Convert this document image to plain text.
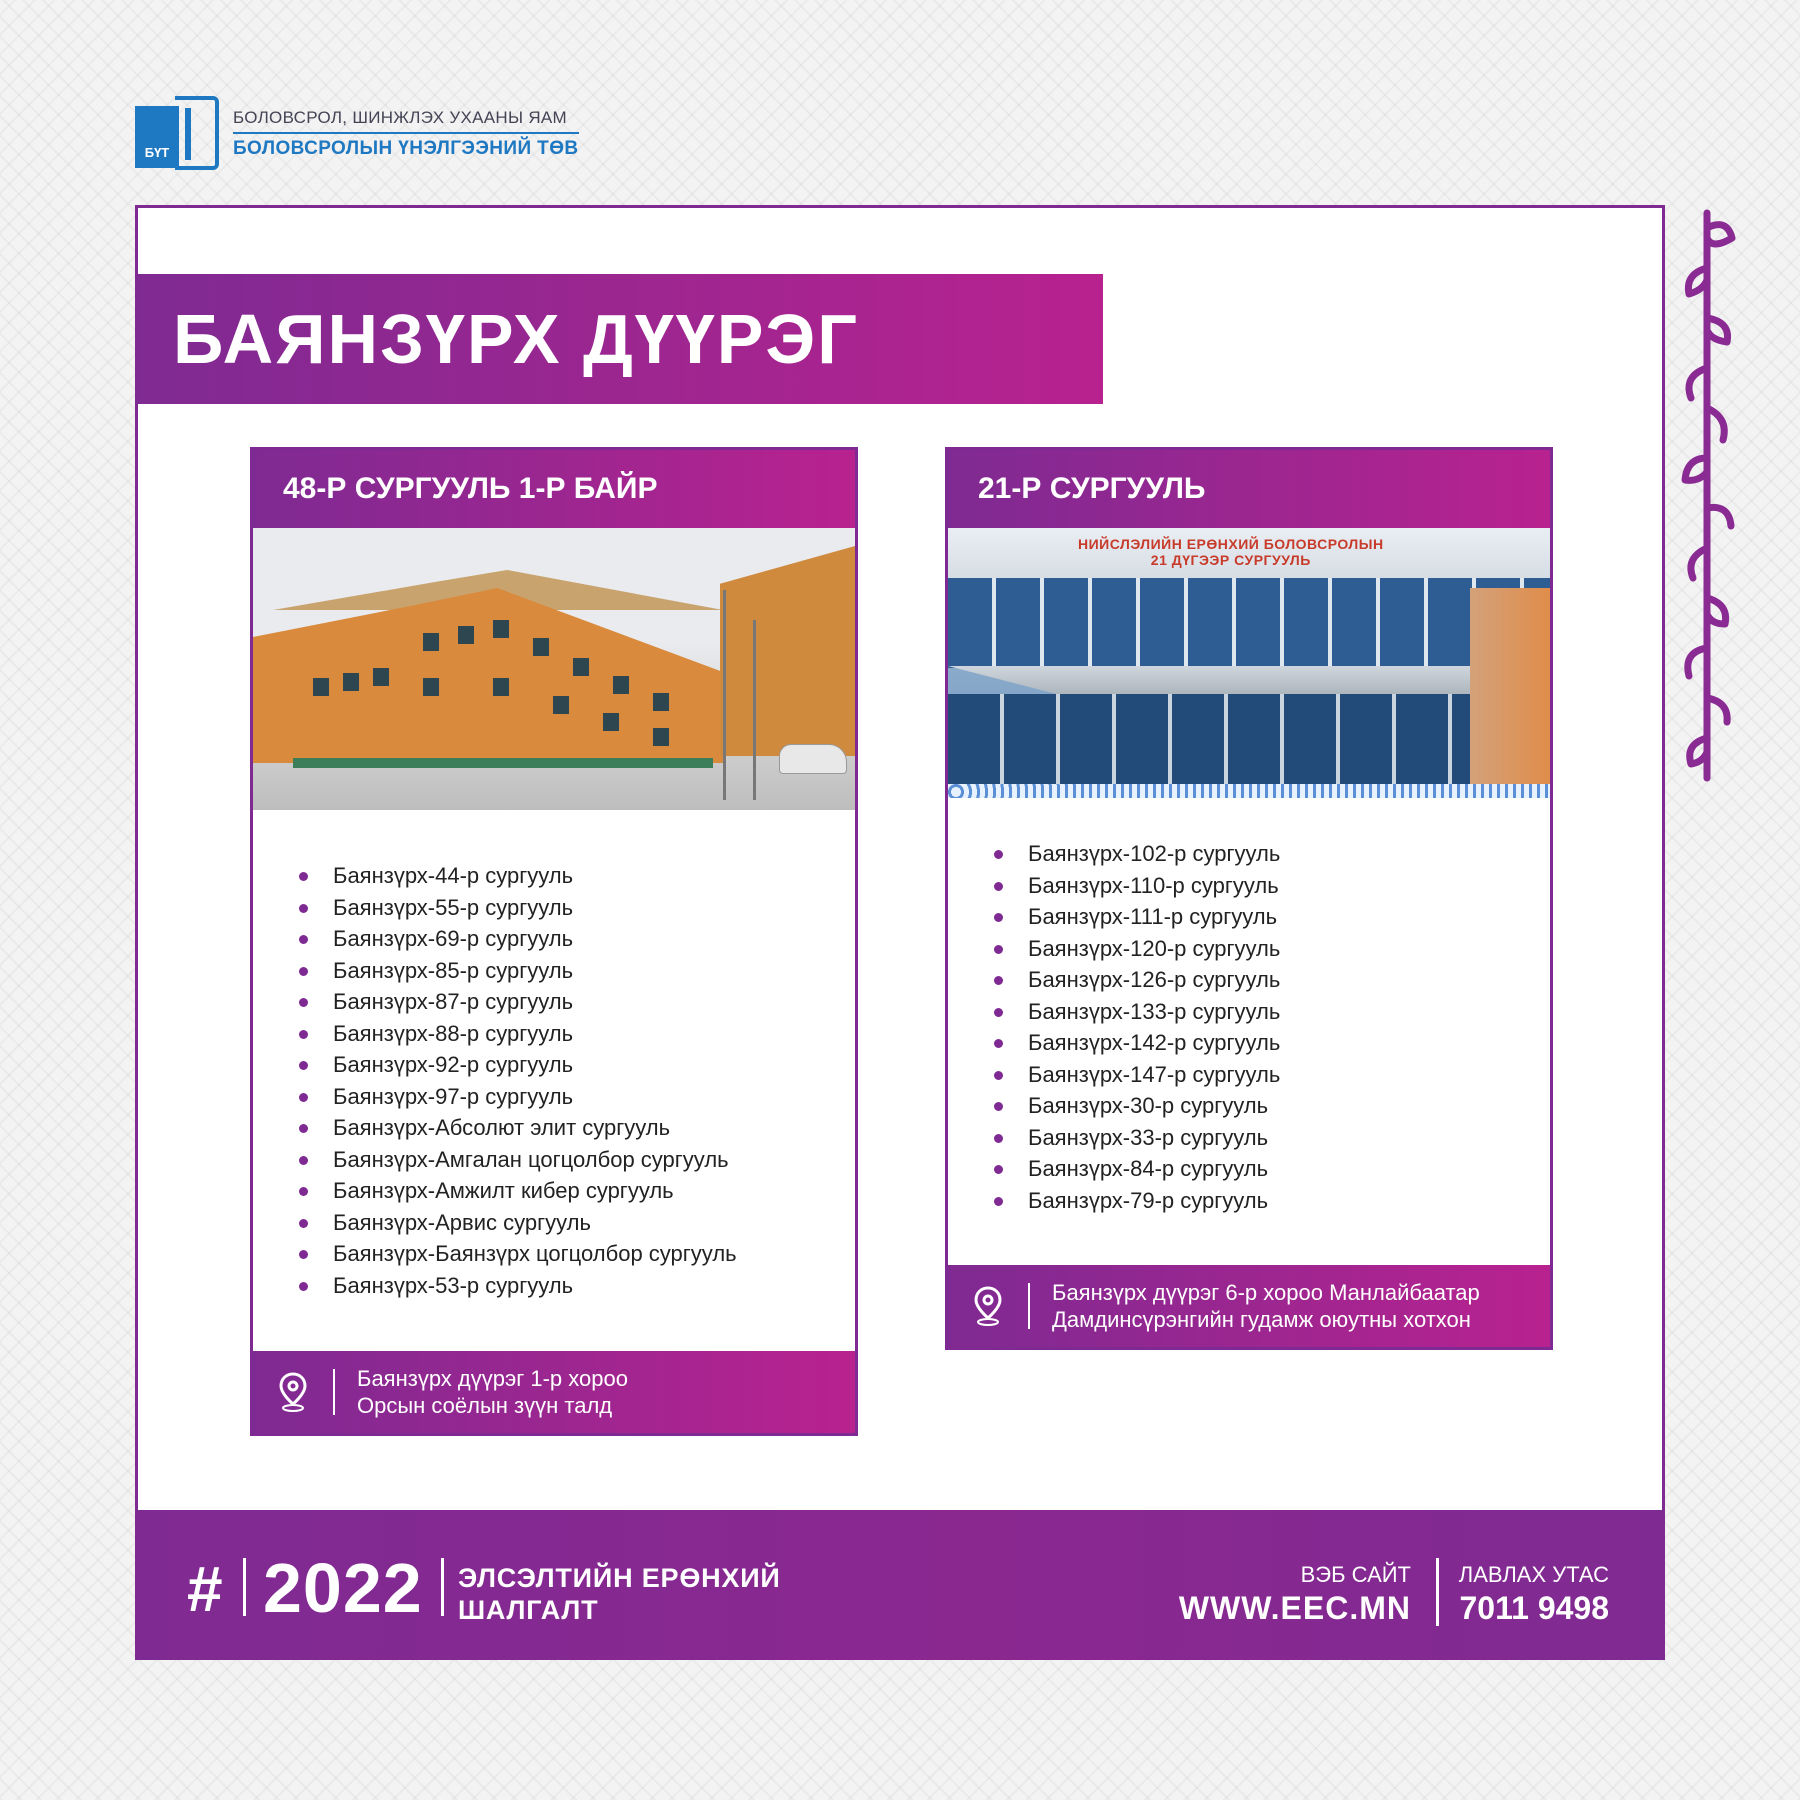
БҮТ
БОЛОВСРОЛ, ШИНЖЛЭХ УХААНЫ ЯАМ
БОЛОВСРОЛЫН ҮНЭЛГЭЭНИЙ ТӨВ
БАЯНЗҮРХ ДҮҮРЭГ
48-Р СУРГУУЛЬ 1-Р БАЙР
Баянзүрх-44-р сургууль
Баянзүрх-55-р сургууль
Баянзүрх-69-р сургууль
Баянзүрх-85-р сургууль
Баянзүрх-87-р сургууль
Баянзүрх-88-р сургууль
Баянзүрх-92-р сургууль
Баянзүрх-97-р сургууль
Баянзүрх-Абсолют элит сургууль
Баянзүрх-Амгалан цогцолбор сургууль
Баянзүрх-Амжилт кибер сургууль
Баянзүрх-Арвис сургууль
Баянзүрх-Баянзүрх цогцолбор сургууль
Баянзүрх-53-р сургууль
Баянзүрх дүүрэг 1-р хороо
Орсын соёлын зүүн талд
21-Р СУРГУУЛЬ
НИЙСЛЭЛИЙН ЕРӨНХИЙ БОЛОВСРОЛЫН
21 ДҮГЭЭР СУРГУУЛЬ
Баянзүрх-102-р сургууль
Баянзүрх-110-р сургууль
Баянзүрх-111-р сургууль
Баянзүрх-120-р сургууль
Баянзүрх-126-р сургууль
Баянзүрх-133-р сургууль
Баянзүрх-142-р сургууль
Баянзүрх-147-р сургууль
Баянзүрх-30-р сургууль
Баянзүрх-33-р сургууль
Баянзүрх-84-р сургууль
Баянзүрх-79-р сургууль
Баянзүрх дүүрэг 6-р хороо Манлайбаатар
Дамдинсүрэнгийн гудамж оюутны хотхон
# 2022 ЭЛСЭЛТИЙН ЕРӨНХИЙ
ШАЛГАЛТ
ВЭБ САЙТ
WWW.EEC.MN
ЛАВЛАХ УТАС
7011 9498
